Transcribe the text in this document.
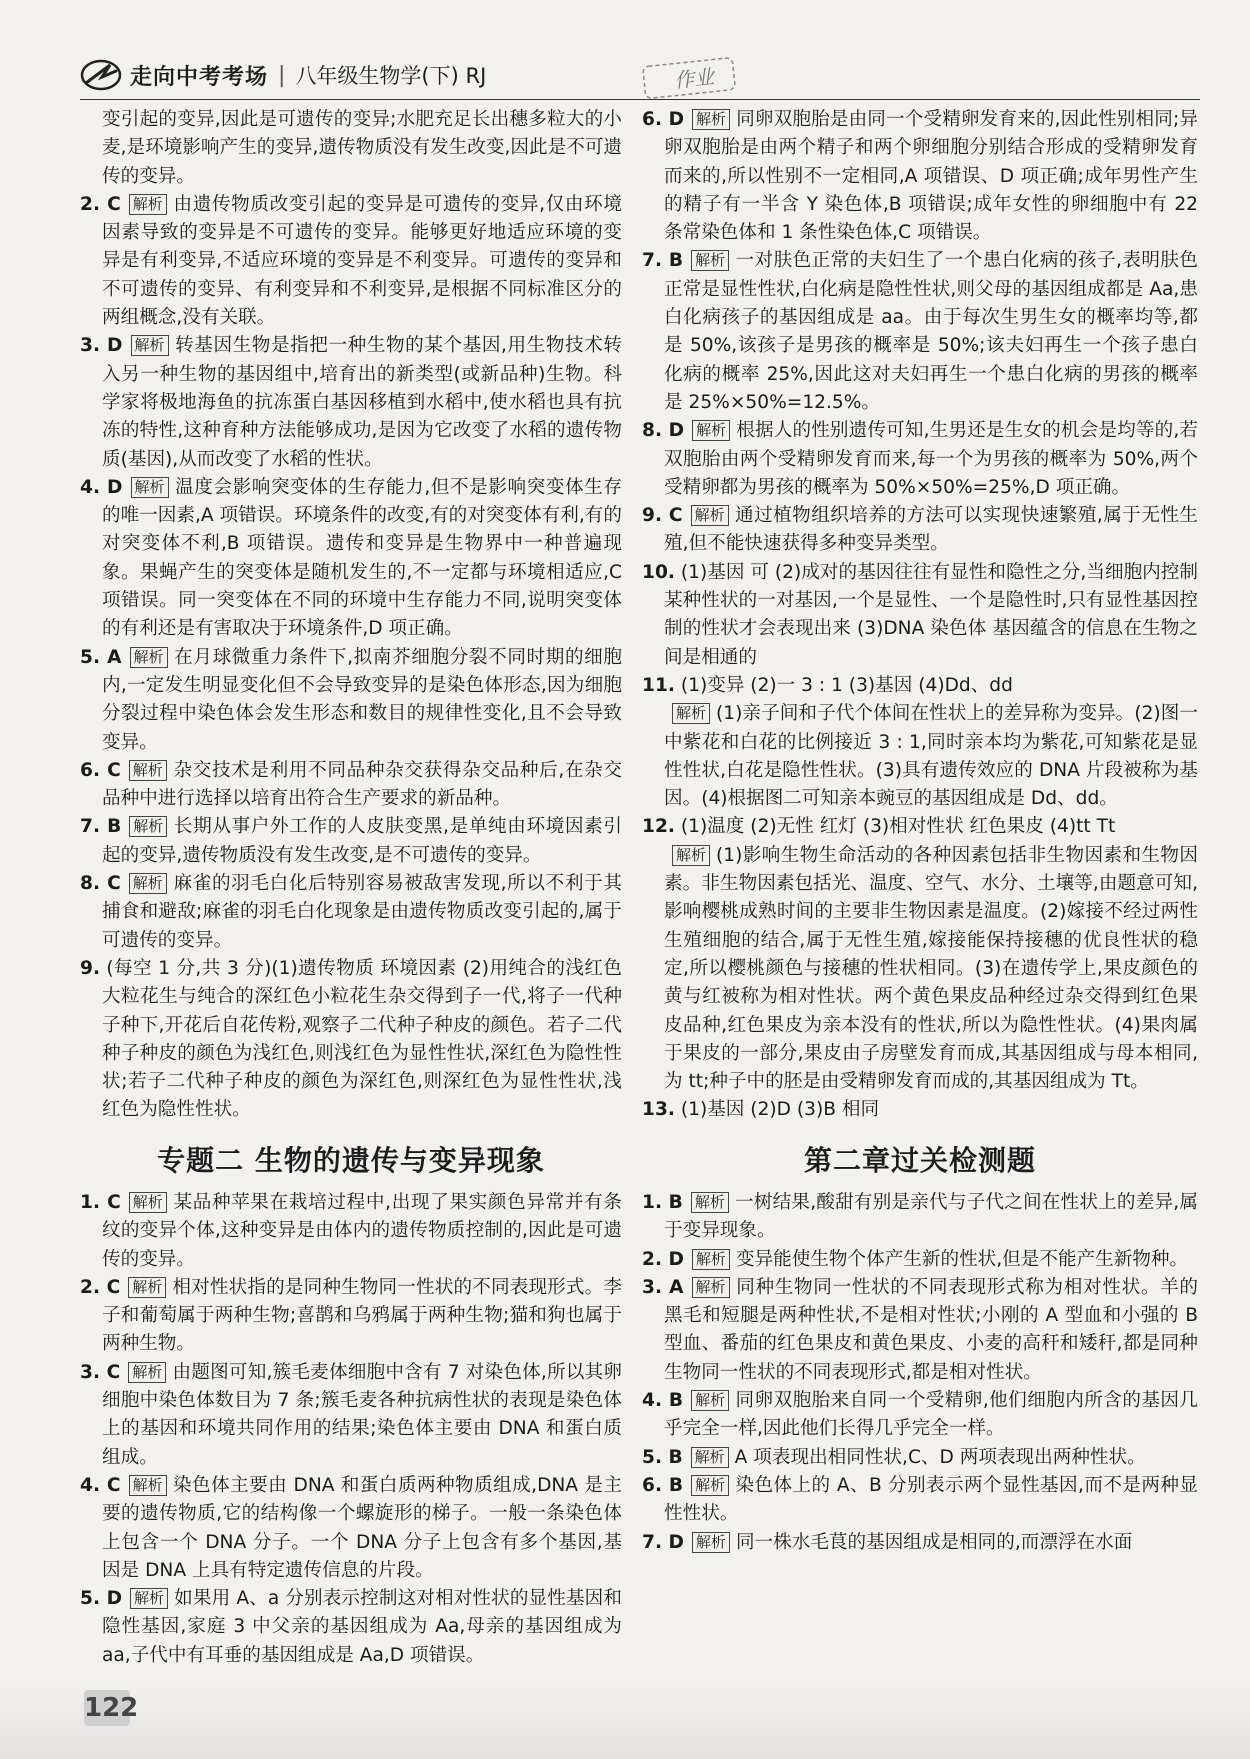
走向中考考场 | 八年级生物学(下) RJ	作业

变引起的变异,因此是可遗传的变异;水肥充足长出穗多粒大的小麦,是环境影响产生的变异,遗传物质没有发生改变,因此是不可遗传的变异。

2. C 解析 由遗传物质改变引起的变异是可遗传的变异,仅由环境因素导致的变异是不可遗传的变异。能够更好地适应环境的变异是有利变异,不适应环境的变异是不利变异。可遗传的变异和不可遗传的变异、有利变异和不利变异,是根据不同标准区分的两组概念,没有关联。

3. D 解析 转基因生物是指把一种生物的某个基因,用生物技术转入另一种生物的基因组中,培育出的新类型(或新品种)生物。科学家将极地海鱼的抗冻蛋白基因移植到水稻中,使水稻也具有抗冻的特性,这种育种方法能够成功,是因为它改变了水稻的遗传物质(基因),从而改变了水稻的性状。

4. D 解析 温度会影响突变体的生存能力,但不是影响突变体生存的唯一因素,A 项错误。环境条件的改变,有的对突变体有利,有的对突变体不利,B 项错误。遗传和变异是生物界中一种普遍现象。果蝇产生的突变体是随机发生的,不一定都与环境相适应,C 项错误。同一突变体在不同的环境中生存能力不同,说明突变体的有利还是有害取决于环境条件,D 项正确。

5. A 解析 在月球微重力条件下,拟南芥细胞分裂不同时期的细胞内,一定发生明显变化但不会导致变异的是染色体形态,因为细胞分裂过程中染色体会发生形态和数目的规律性变化,且不会导致变异。

6. C 解析 杂交技术是利用不同品种杂交获得杂交品种后,在杂交品种中进行选择以培育出符合生产要求的新品种。

7. B 解析 长期从事户外工作的人皮肤变黑,是单纯由环境因素引起的变异,遗传物质没有发生改变,是不可遗传的变异。

8. C 解析 麻雀的羽毛白化后特别容易被敌害发现,所以不利于其捕食和避敌;麻雀的羽毛白化现象是由遗传物质改变引起的,属于可遗传的变异。

9. (每空 1 分,共 3 分)(1)遗传物质 环境因素 (2)用纯合的浅红色大粒花生与纯合的深红色小粒花生杂交得到子一代,将子一代种子种下,开花后自花传粉,观察子二代种子种皮的颜色。若子二代种子种皮的颜色为浅红色,则浅红色为显性性状,深红色为隐性性状;若子二代种子种皮的颜色为深红色,则深红色为显性性状,浅红色为隐性性状。

专题二 生物的遗传与变异现象

1. C 解析 某品种苹果在栽培过程中,出现了果实颜色异常并有条纹的变异个体,这种变异是由体内的遗传物质控制的,因此是可遗传的变异。

2. C 解析 相对性状指的是同种生物同一性状的不同表现形式。李子和葡萄属于两种生物;喜鹊和乌鸦属于两种生物;猫和狗也属于两种生物。

3. C 解析 由题图可知,簇毛麦体细胞中含有 7 对染色体,所以其卵细胞中染色体数目为 7 条;簇毛麦各种抗病性状的表现是染色体上的基因和环境共同作用的结果;染色体主要由 DNA 和蛋白质组成。

4. C 解析 染色体主要由 DNA 和蛋白质两种物质组成,DNA 是主要的遗传物质,它的结构像一个螺旋形的梯子。一般一条染色体上包含一个 DNA 分子。一个 DNA 分子上包含有多个基因,基因是 DNA 上具有特定遗传信息的片段。

5. D 解析 如果用 A、a 分别表示控制这对相对性状的显性基因和隐性基因,家庭 3 中父亲的基因组成为 Aa,母亲的基因组成为 aa,子代中有耳垂的基因组成是 Aa,D 项错误。

6. D 解析 同卵双胞胎是由同一个受精卵发育来的,因此性别相同;异卵双胞胎是由两个精子和两个卵细胞分别结合形成的受精卵发育而来的,所以性别不一定相同,A 项错误、D 项正确;成年男性产生的精子有一半含 Y 染色体,B 项错误;成年女性的卵细胞中有 22 条常染色体和 1 条性染色体,C 项错误。

7. B 解析 一对肤色正常的夫妇生了一个患白化病的孩子,表明肤色正常是显性性状,白化病是隐性性状,则父母的基因组成都是 Aa,患白化病孩子的基因组成是 aa。由于每次生男生女的概率均等,都是 50%,该孩子是男孩的概率是 50%;该夫妇再生一个孩子患白化病的概率 25%,因此这对夫妇再生一个患白化病的男孩的概率是 25%×50%=12.5%。

8. D 解析 根据人的性别遗传可知,生男还是生女的机会是均等的,若双胞胎由两个受精卵发育而来,每一个为男孩的概率为 50%,两个受精卵都为男孩的概率为 50%×50%=25%,D 项正确。

9. C 解析 通过植物组织培养的方法可以实现快速繁殖,属于无性生殖,但不能快速获得多种变异类型。

10. (1)基因 可 (2)成对的基因往往有显性和隐性之分,当细胞内控制某种性状的一对基因,一个是显性、一个是隐性时,只有显性基因控制的性状才会表现出来 (3)DNA 染色体 基因蕴含的信息在生物之间是相通的

11. (1)变异 (2)一 3 : 1 (3)基因 (4)Dd、dd

解析 (1)亲子间和子代个体间在性状上的差异称为变异。(2)图一中紫花和白花的比例接近 3 : 1,同时亲本均为紫花,可知紫花是显性性状,白花是隐性性状。(3)具有遗传效应的 DNA 片段被称为基因。(4)根据图二可知亲本豌豆的基因组成是 Dd、dd。

12. (1)温度 (2)无性 红灯 (3)相对性状 红色果皮 (4)tt Tt

解析 (1)影响生物生命活动的各种因素包括非生物因素和生物因素。非生物因素包括光、温度、空气、水分、土壤等,由题意可知,影响樱桃成熟时间的主要非生物因素是温度。(2)嫁接不经过两性生殖细胞的结合,属于无性生殖,嫁接能保持接穗的优良性状的稳定,所以樱桃颜色与接穗的性状相同。(3)在遗传学上,果皮颜色的黄与红被称为相对性状。两个黄色果皮品种经过杂交得到红色果皮品种,红色果皮为亲本没有的性状,所以为隐性性状。(4)果肉属于果皮的一部分,果皮由子房壁发育而成,其基因组成与母本相同,为 tt;种子中的胚是由受精卵发育而成的,其基因组成为 Tt。

13. (1)基因 (2)D (3)B 相同

第二章过关检测题

1. B 解析 一树结果,酸甜有别是亲代与子代之间在性状上的差异,属于变异现象。

2. D 解析 变异能使生物个体产生新的性状,但是不能产生新物种。

3. A 解析 同种生物同一性状的不同表现形式称为相对性状。羊的黑毛和短腿是两种性状,不是相对性状;小刚的 A 型血和小强的 B 型血、番茄的红色果皮和黄色果皮、小麦的高秆和矮秆,都是同种生物同一性状的不同表现形式,都是相对性状。

4. B 解析 同卵双胞胎来自同一个受精卵,他们细胞内所含的基因几乎完全一样,因此他们长得几乎完全一样。

5. B 解析 A 项表现出相同性状,C、D 两项表现出两种性状。

6. B 解析 染色体上的 A、B 分别表示两个显性基因,而不是两种显性性状。

7. D 解析 同一株水毛茛的基因组成是相同的,而漂浮在水面

122
